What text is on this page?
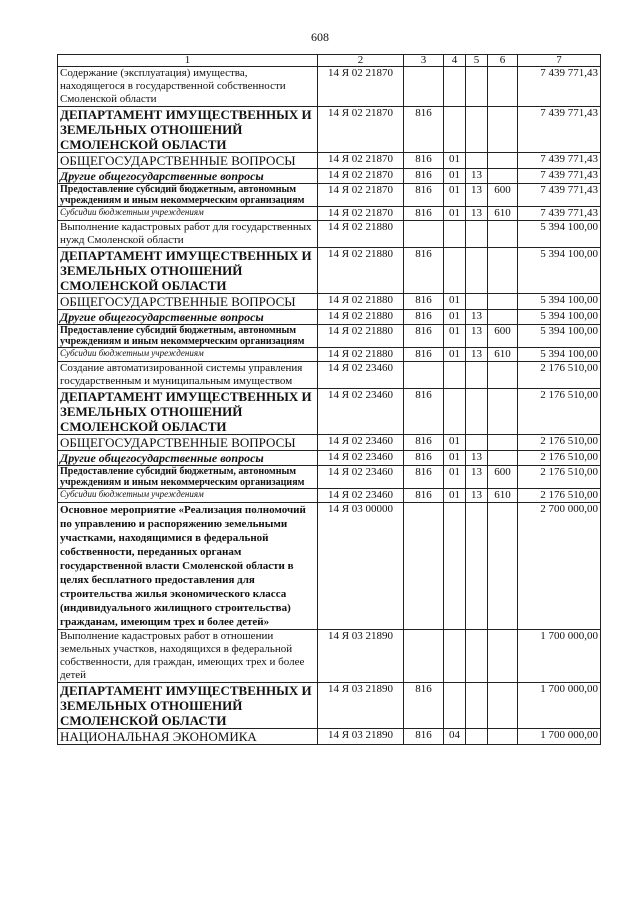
608
1	2	3	4	5	6	7
Содержание (эксплуатация) имущества, находящегося в государственной собственности Смоленской области	14 Я 02 21870					7 439 771,43
ДЕПАРТАМЕНТ ИМУЩЕСТВЕННЫХ И ЗЕМЕЛЬНЫХ ОТНОШЕНИЙ СМОЛЕНСКОЙ ОБЛАСТИ	14 Я 02 21870	816				7 439 771,43
ОБЩЕГОСУДАРСТВЕННЫЕ ВОПРОСЫ	14 Я 02 21870	816	01			7 439 771,43
Другие общегосударственные вопросы	14 Я 02 21870	816	01	13		7 439 771,43
Предоставление субсидий бюджетным, автономным учреждениям и иным некоммерческим организациям	14 Я 02 21870	816	01	13	600	7 439 771,43
Субсидии бюджетным учреждениям	14 Я 02 21870	816	01	13	610	7 439 771,43
Выполнение кадастровых работ для государственных нужд Смоленской области	14 Я 02 21880					5 394 100,00
ДЕПАРТАМЕНТ ИМУЩЕСТВЕННЫХ И ЗЕМЕЛЬНЫХ ОТНОШЕНИЙ СМОЛЕНСКОЙ ОБЛАСТИ	14 Я 02 21880	816				5 394 100,00
ОБЩЕГОСУДАРСТВЕННЫЕ ВОПРОСЫ	14 Я 02 21880	816	01			5 394 100,00
Другие общегосударственные вопросы	14 Я 02 21880	816	01	13		5 394 100,00
Предоставление субсидий бюджетным, автономным учреждениям и иным некоммерческим организациям	14 Я 02 21880	816	01	13	600	5 394 100,00
Субсидии бюджетным учреждениям	14 Я 02 21880	816	01	13	610	5 394 100,00
Создание автоматизированной системы управления государственным и муниципальным имуществом	14 Я 02 23460					2 176 510,00
ДЕПАРТАМЕНТ ИМУЩЕСТВЕННЫХ И ЗЕМЕЛЬНЫХ ОТНОШЕНИЙ СМОЛЕНСКОЙ ОБЛАСТИ	14 Я 02 23460	816				2 176 510,00
ОБЩЕГОСУДАРСТВЕННЫЕ ВОПРОСЫ	14 Я 02 23460	816	01			2 176 510,00
Другие общегосударственные вопросы	14 Я 02 23460	816	01	13		2 176 510,00
Предоставление субсидий бюджетным, автономным учреждениям и иным некоммерческим организациям	14 Я 02 23460	816	01	13	600	2 176 510,00
Субсидии бюджетным учреждениям	14 Я 02 23460	816	01	13	610	2 176 510,00
Основное мероприятие «Реализация полномочий по управлению и распоряжению земельными участками, находящимися в федеральной собственности, переданных органам государственной власти Смоленской области в целях бесплатного предоставления для строительства жилья экономического класса (индивидуального жилищного строительства) гражданам, имеющим трех и более детей»	14 Я 03 00000					2 700 000,00
Выполнение кадастровых работ в отношении земельных участков, находящихся в федеральной собственности, для граждан, имеющих трех и более детей	14 Я 03 21890					1 700 000,00
ДЕПАРТАМЕНТ ИМУЩЕСТВЕННЫХ И ЗЕМЕЛЬНЫХ ОТНОШЕНИЙ СМОЛЕНСКОЙ ОБЛАСТИ	14 Я 03 21890	816				1 700 000,00
НАЦИОНАЛЬНАЯ ЭКОНОМИКА	14 Я 03 21890	816	04			1 700 000,00
